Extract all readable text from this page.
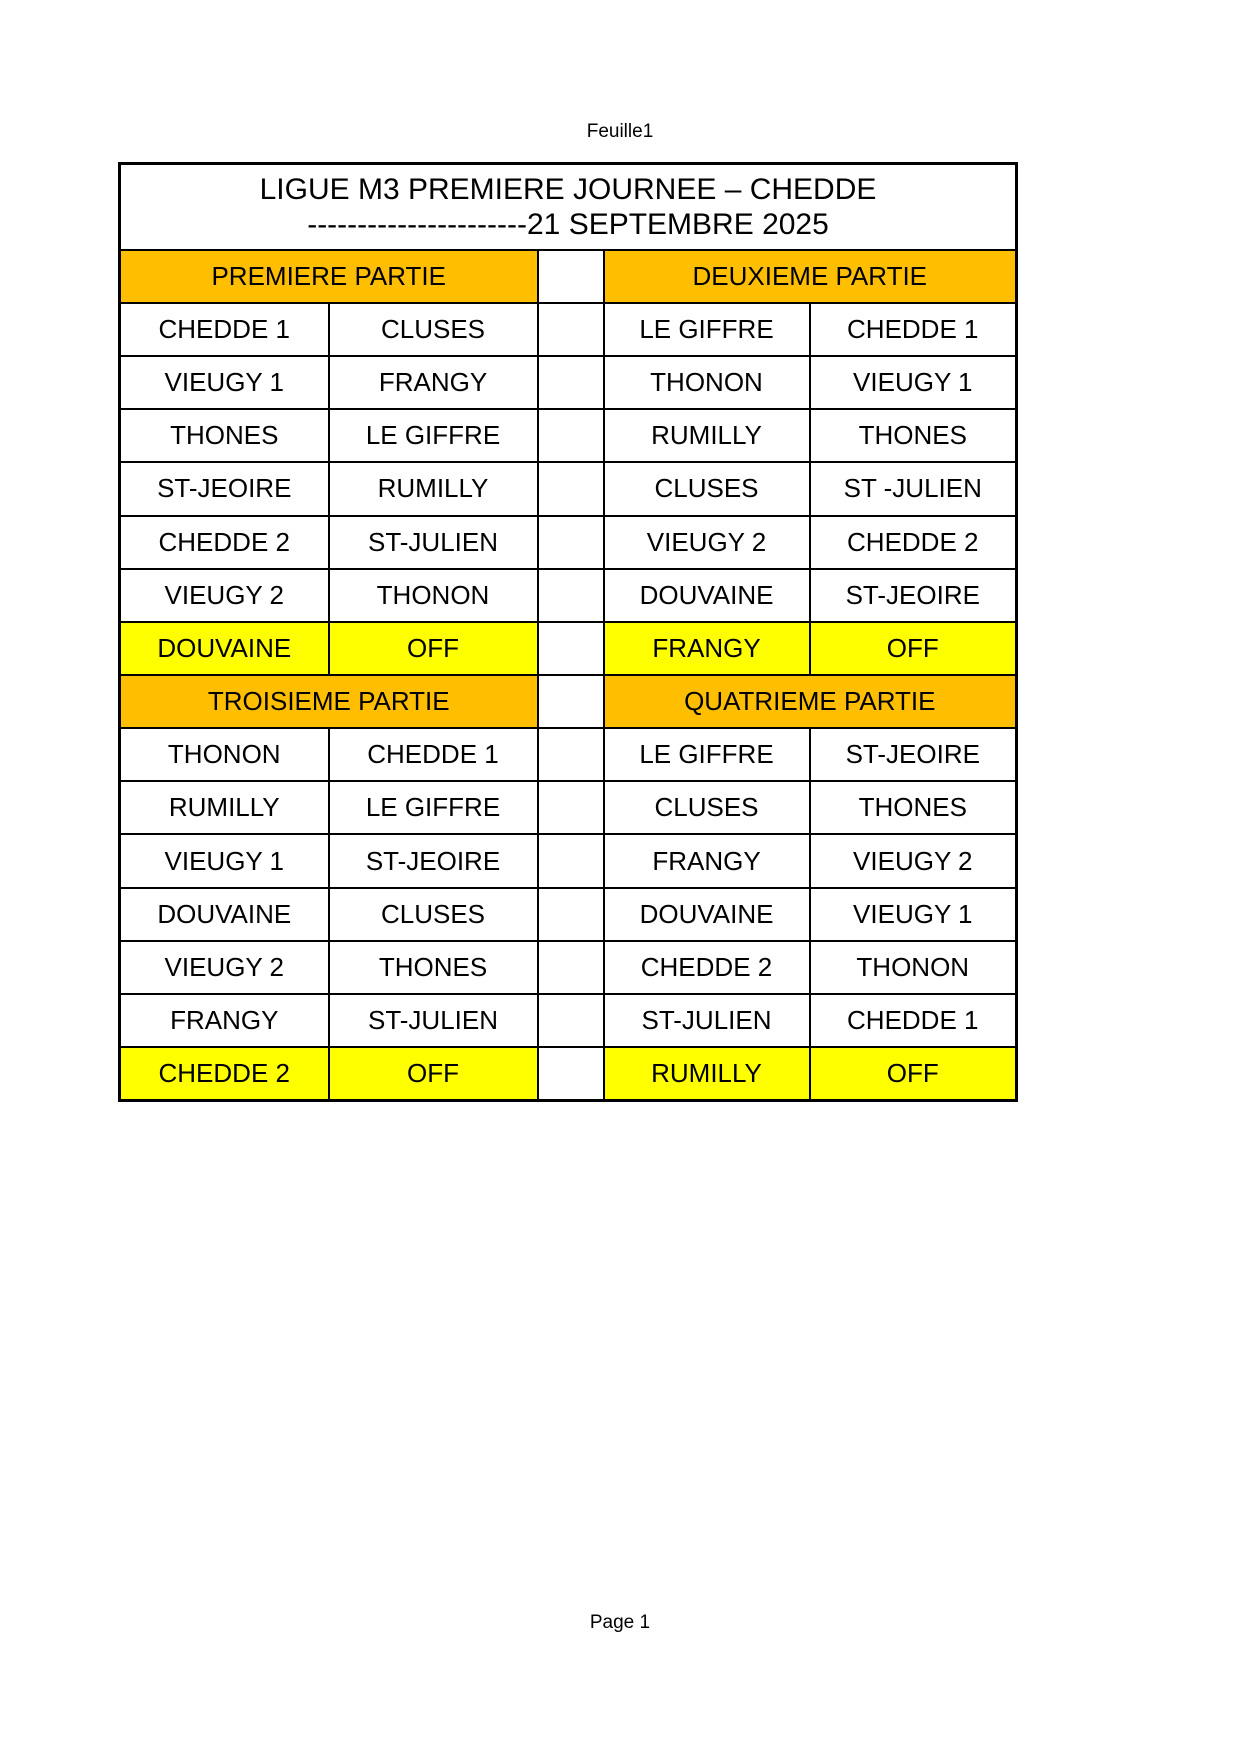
Feuille1
LIGUE M3 PREMIERE JOURNEE – CHEDDE
----------------------21 SEPTEMBRE 2025				

PREMIERE PARTIE			DEUXIEME PARTIE	
CHEDDE 1	CLUSES		LE GIFFRE	CHEDDE 1
VIEUGY 1	FRANGY		THONON	VIEUGY 1
THONES	LE GIFFRE		RUMILLY	THONES
ST-JEOIRE	RUMILLY		CLUSES	ST -JULIEN
CHEDDE 2	ST-JULIEN		VIEUGY 2	CHEDDE 2
VIEUGY 2	THONON		DOUVAINE	ST-JEOIRE
DOUVAINE	OFF		FRANGY	OFF
TROISIEME PARTIE			QUATRIEME PARTIE	
THONON	CHEDDE 1		LE GIFFRE	ST-JEOIRE
RUMILLY	LE GIFFRE		CLUSES	THONES
VIEUGY 1	ST-JEOIRE		FRANGY	VIEUGY 2
DOUVAINE	CLUSES		DOUVAINE	VIEUGY 1
VIEUGY 2	THONES		CHEDDE 2	THONON
FRANGY	ST-JULIEN		ST-JULIEN	CHEDDE 1
CHEDDE 2	OFF		RUMILLY	OFF
Page 1
